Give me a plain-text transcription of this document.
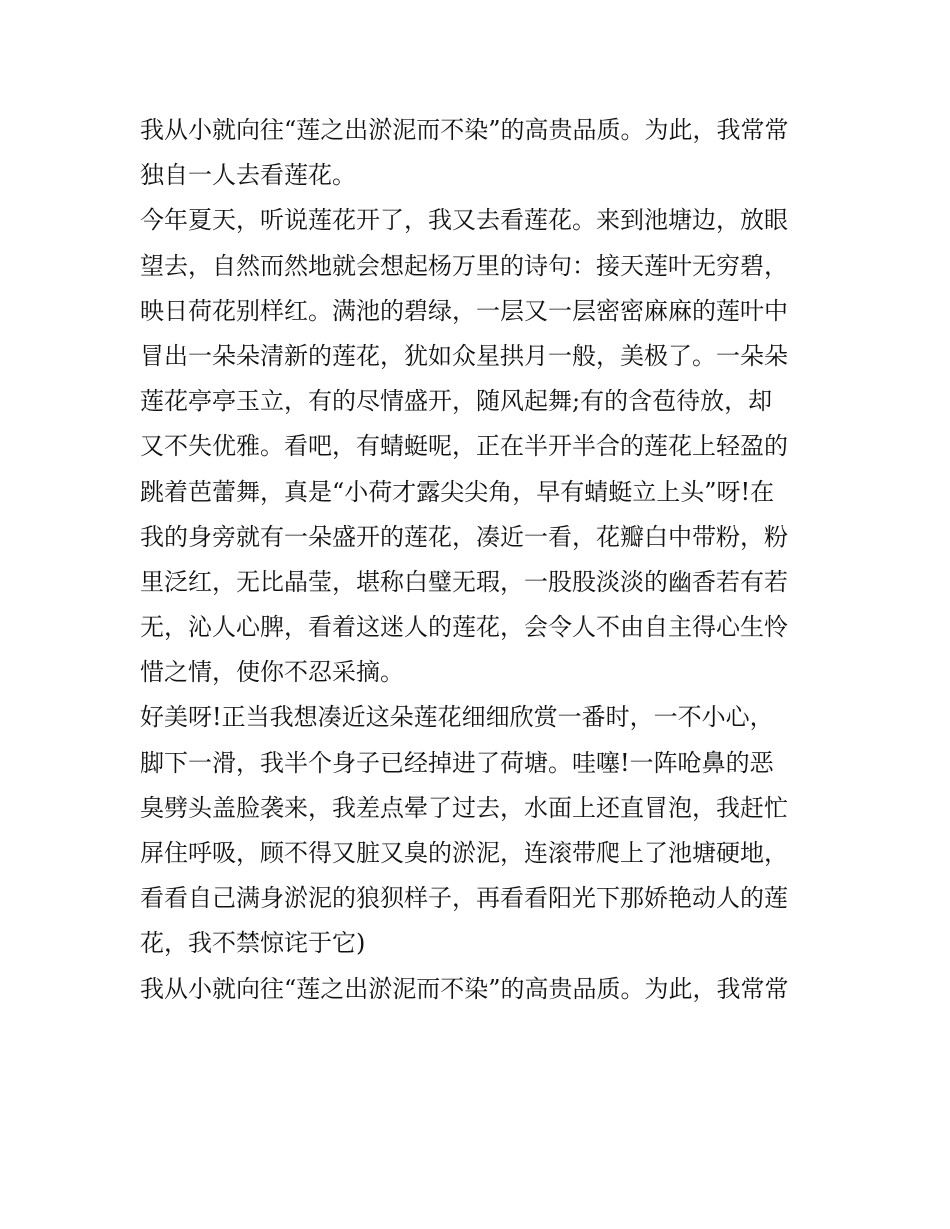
我从小就向往“莲之出淤泥而不染”的高贵品质。为此，我常常
独自一人去看莲花。
今年夏天，听说莲花开了，我又去看莲花。来到池塘边，放眼
望去，自然而然地就会想起杨万里的诗句：接天莲叶无穷碧，
映日荷花别样红。满池的碧绿，一层又一层密密麻麻的莲叶中
冒出一朵朵清新的莲花，犹如众星拱月一般，美极了。一朵朵
莲花亭亭玉立，有的尽情盛开，随风起舞;有的含苞待放，却
又不失优雅。看吧，有蜻蜓呢，正在半开半合的莲花上轻盈的
跳着芭蕾舞，真是“小荷才露尖尖角，早有蜻蜓立上头”呀!在
我的身旁就有一朵盛开的莲花，凑近一看，花瓣白中带粉，粉
里泛红，无比晶莹，堪称白璧无瑕，一股股淡淡的幽香若有若
无，沁人心脾，看着这迷人的莲花，会令人不由自主得心生怜
惜之情，使你不忍采摘。
好美呀!正当我想凑近这朵莲花细细欣赏一番时，一不小心，
脚下一滑，我半个身子已经掉进了荷塘。哇噻!一阵呛鼻的恶
臭劈头盖脸袭来，我差点晕了过去，水面上还直冒泡，我赶忙
屏住呼吸，顾不得又脏又臭的淤泥，连滚带爬上了池塘硬地，
看看自己满身淤泥的狼狈样子，再看看阳光下那娇艳动人的莲
花，我不禁惊诧于它)
我从小就向往“莲之出淤泥而不染”的高贵品质。为此，我常常
